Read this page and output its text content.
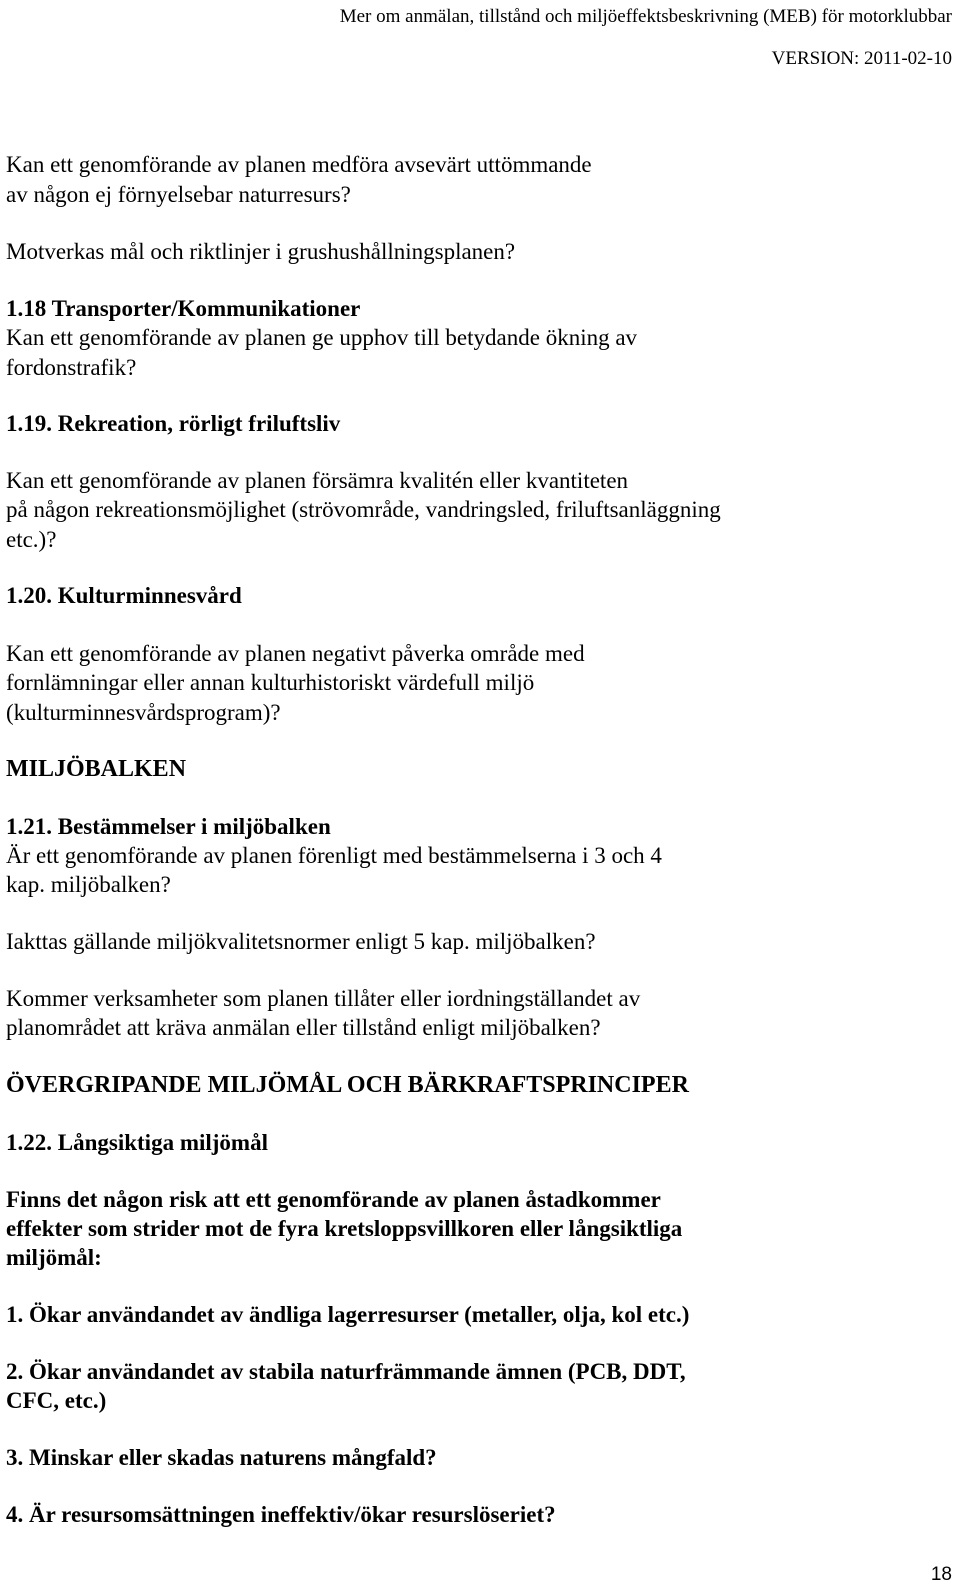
Mer om anmälan, tillstånd och miljöeffektsbeskrivning (MEB) för motorklubbar
VERSION: 2011-02-10
Kan ett genomförande av planen medföra avsevärt uttömmande
av någon ej förnyelsebar naturresurs?
Motverkas mål och riktlinjer i grushushållningsplanen?
1.18 Transporter/Kommunikationer
Kan ett genomförande av planen ge upphov till betydande ökning av
fordonstrafik?
1.19. Rekreation, rörligt friluftsliv
Kan ett genomförande av planen försämra kvalitén eller kvantiteten
på någon rekreationsmöjlighet (strövområde, vandringsled, friluftsanläggning
etc.)?
1.20. Kulturminnesvård
Kan ett genomförande av planen negativt påverka område med
fornlämningar eller annan kulturhistoriskt värdefull miljö
(kulturminnesvårdsprogram)?
MILJÖBALKEN
1.21. Bestämmelser i miljöbalken
Är ett genomförande av planen förenligt med bestämmelserna i 3 och 4
kap. miljöbalken?
Iakttas gällande miljökvalitetsnormer enligt 5 kap. miljöbalken?
Kommer verksamheter som planen tillåter eller iordningställandet av
planområdet att kräva anmälan eller tillstånd enligt miljöbalken?
ÖVERGRIPANDE MILJÖMÅL OCH BÄRKRAFTSPRINCIPER
1.22. Långsiktiga miljömål
Finns det någon risk att ett genomförande av planen åstadkommer
effekter som strider mot de fyra kretsloppsvillkoren eller långsiktliga
miljömål:
1. Ökar användandet av ändliga lagerresurser (metaller, olja, kol etc.)
2. Ökar användandet av stabila naturfrämmande ämnen (PCB, DDT,
CFC, etc.)
3. Minskar eller skadas naturens mångfald?
4. Är resursomsättningen ineffektiv/ökar resurslöseriet?
18
